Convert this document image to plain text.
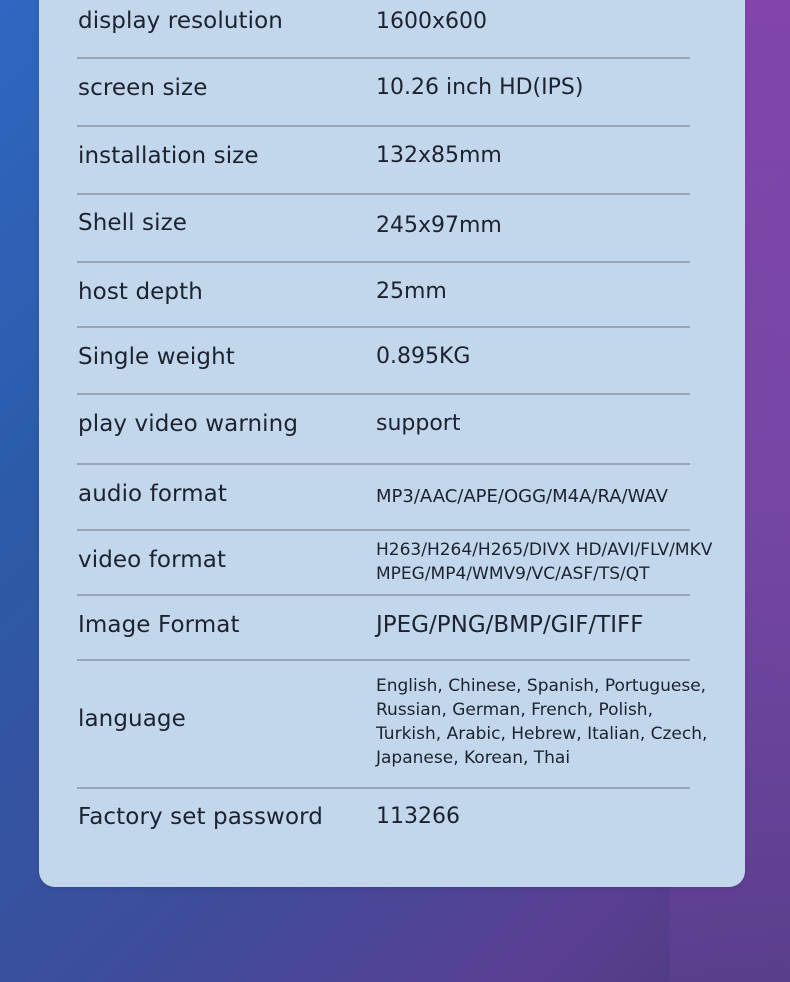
display resolution	1600x600
screen size	10.26 inch HD(IPS)
installation size	132x85mm
Shell size	245x97mm
host depth	25mm
Single weight	0.895KG
play video warning	support
audio format	MP3/AAC/APE/OGG/M4A/RA/WAV
video format	H263/H264/H265/DIVX HD/AVI/FLV/MKV
MPEG/MP4/WMV9/VC/ASF/TS/QT
Image Format	JPEG/PNG/BMP/GIF/TIFF
language
English, Chinese, Spanish, Portuguese,
Russian, German, French, Polish,
Turkish, Arabic, Hebrew, Italian, Czech,
Japanese, Korean, Thai
Factory set password 113266
